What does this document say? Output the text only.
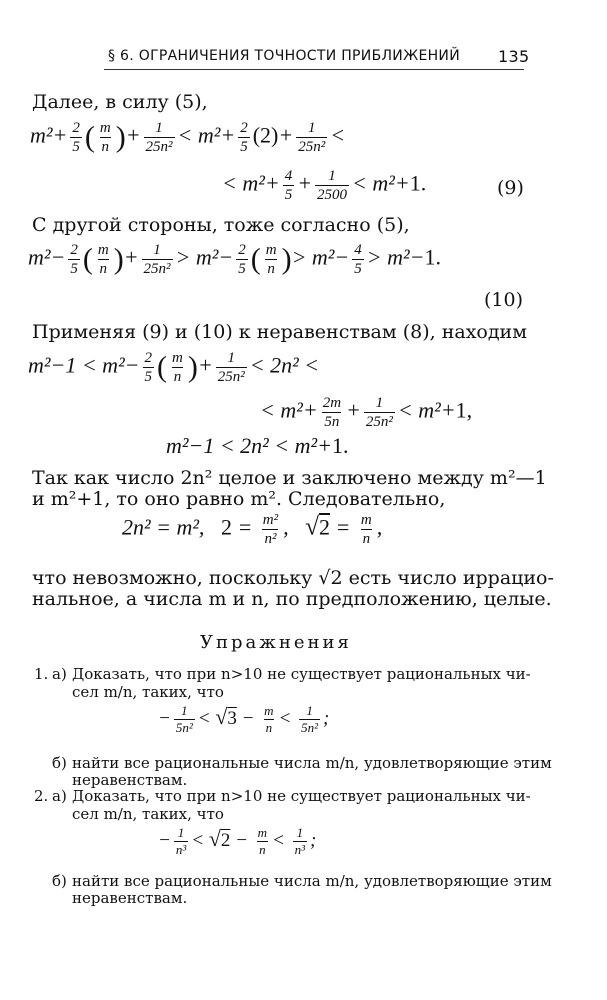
§ 6. ОГРАНИЧЕНИЯ ТОЧНОСТИ ПРИБЛИЖЕНИЙ 135
Далее, в силу (5),
$m^2+ \frac{2}{5}$ ( $\frac{m}{n}$ )+ $\frac{1}{\text{25n²}} < m^2+ \frac{2}{5} (2)+ \frac{1}{\text{25n²}}$ <
< $m^2+ \frac{4}{5} + \frac{1}{2500} < m^2+1$.	(9)
С другой стороны, тоже согласно (5),
$m^2- \frac{2}{5}$ ( $\frac{m}{n}$ )+ $\frac{1}{\text{25n²}} > m^2- \frac{2}{5}$ ( $\frac{m}{n}$ )> $m^2- \frac{4}{5} > m^2-1$.
(10)
Применяя (9) и (10) к неравенствам (8), находим
$m^2-1 < m^2- \frac{2}{5}$ ( $\frac{m}{n}$ )+ $\frac{1}{\text{25n²}} < 2n^2$ <
< $m^2+ \frac{2m}{5n} + \frac{1}{\text{25n²}} < m^2+1$,
m²−1 < 2n² < m²+1.
Так как число 2n² целое и заключено между m²—1
и m²+1, то оно равно m². Следовательно,
2n² = m²,   $2 = \frac{\text{m²}}{\text{n²}}$ ,   $√2 = \frac{m}{n}$ ,
что невозможно, поскольку √2 есть число иррацио-
нальное, а числа m и n, по предположению, целые.
Упражнения
1. а) Доказать, что при n>10 не существует рациональных чи-
сел m/n, таких, что
− $\frac{1}{\text{5n²}} < √3 - \frac{m}{n} < \frac{1}{\text{5n²}}$ ;
б) найти все рациональные числа m/n, удовлетворяющие этим
неравенствам.
2. а) Доказать, что при n>10 не существует рациональных чи-
сел m/n, таких, что
− $\frac{1}{\text{n³}} < √2 - \frac{m}{n} < \frac{1}{\text{n³}}$ ;
б) найти все рациональные числа m/n, удовлетворяющие этим
неравенствам.
